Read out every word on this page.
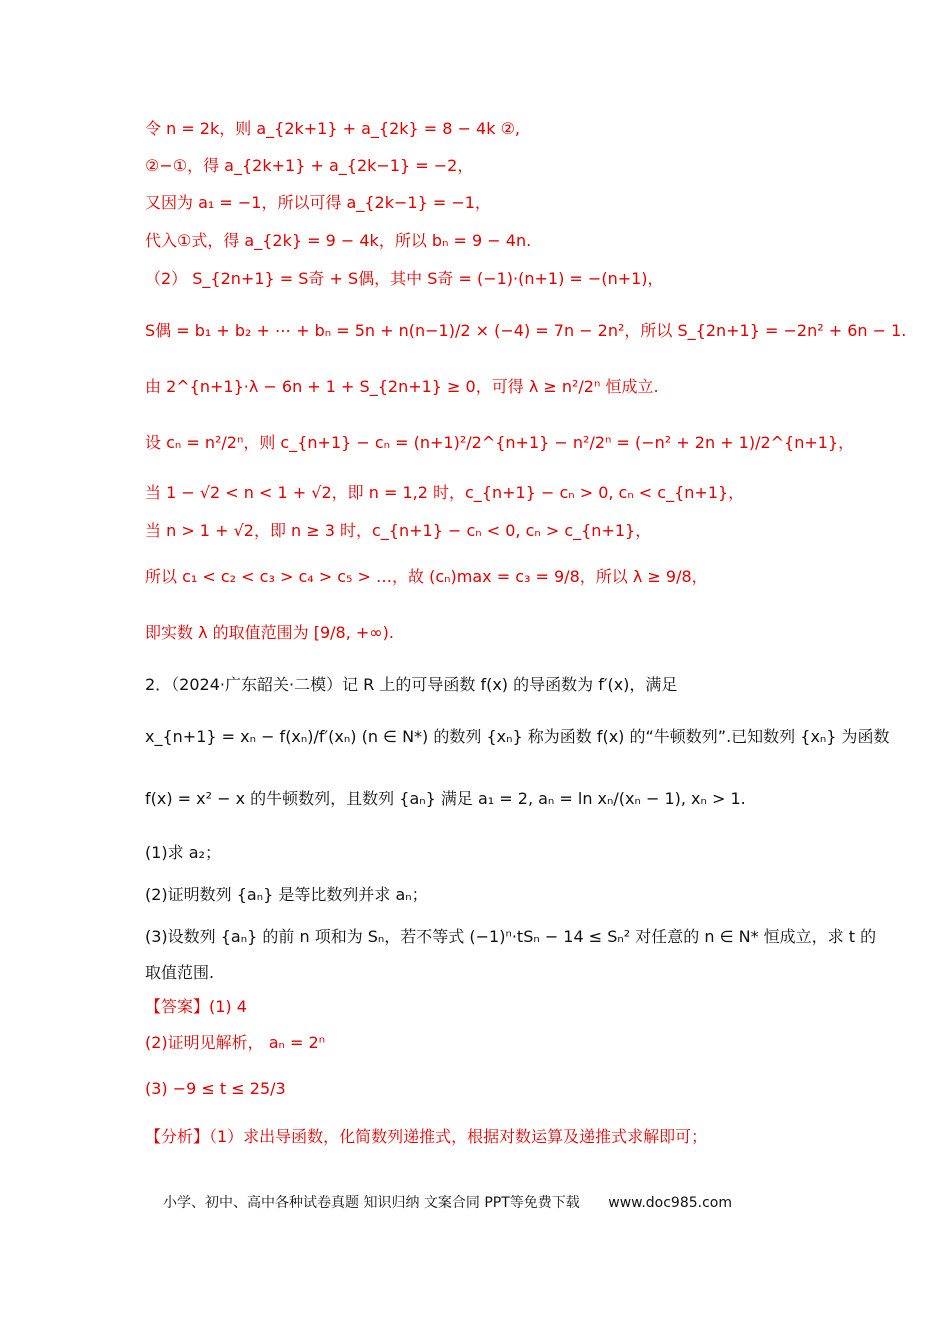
令 n = 2k，则 a_{2k+1} + a_{2k} = 8 − 4k ②,
②−①，得 a_{2k+1} + a_{2k−1} = −2，
又因为 a₁ = −1，所以可得 a_{2k−1} = −1，
代入①式，得 a_{2k} = 9 − 4k，所以 bₙ = 9 − 4n.
（2） S_{2n+1} = S奇 + S偶，其中 S奇 = (−1)·(n+1) = −(n+1)，
S偶 = b₁ + b₂ + ⋯ + bₙ = 5n + n(n−1)/2 × (−4) = 7n − 2n²，所以 S_{2n+1} = −2n² + 6n − 1.
由 2^{n+1}·λ − 6n + 1 + S_{2n+1} ≥ 0，可得 λ ≥ n²/2ⁿ 恒成立.
设 cₙ = n²/2ⁿ，则 c_{n+1} − cₙ = (n+1)²/2^{n+1} − n²/2ⁿ = (−n² + 2n + 1)/2^{n+1}，
当 1 − √2 < n < 1 + √2，即 n = 1,2 时，c_{n+1} − cₙ > 0, cₙ < c_{n+1}，
当 n > 1 + √2，即 n ≥ 3 时，c_{n+1} − cₙ < 0, cₙ > c_{n+1}，
所以 c₁ < c₂ < c₃ > c₄ > c₅ > …，故 (cₙ)max = c₃ = 9/8，所以 λ ≥ 9/8，
即实数 λ 的取值范围为 [9/8, +∞).
2．（2024·广东韶关·二模）记 R 上的可导函数 f(x) 的导函数为 f′(x)，满足
x_{n+1} = xₙ − f(xₙ)/f′(xₙ) (n ∈ N*) 的数列 {xₙ} 称为函数 f(x) 的“牛顿数列”.已知数列 {xₙ} 为函数
f(x) = x² − x 的牛顿数列，且数列 {aₙ} 满足 a₁ = 2, aₙ = ln xₙ/(xₙ − 1), xₙ > 1.
(1)求 a₂；
(2)证明数列 {aₙ} 是等比数列并求 aₙ；
(3)设数列 {aₙ} 的前 n 项和为 Sₙ，若不等式 (−1)ⁿ·tSₙ − 14 ≤ Sₙ² 对任意的 n ∈ N* 恒成立，求 t 的
取值范围.
【答案】(1) 4
(2)证明见解析， aₙ = 2ⁿ
(3) −9 ≤ t ≤ 25/3
【分析】（1）求出导函数，化简数列递推式，根据对数运算及递推式求解即可；
小学、初中、高中各种试卷真题 知识归纳 文案合同 PPT等免费下载 www.doc985.com
